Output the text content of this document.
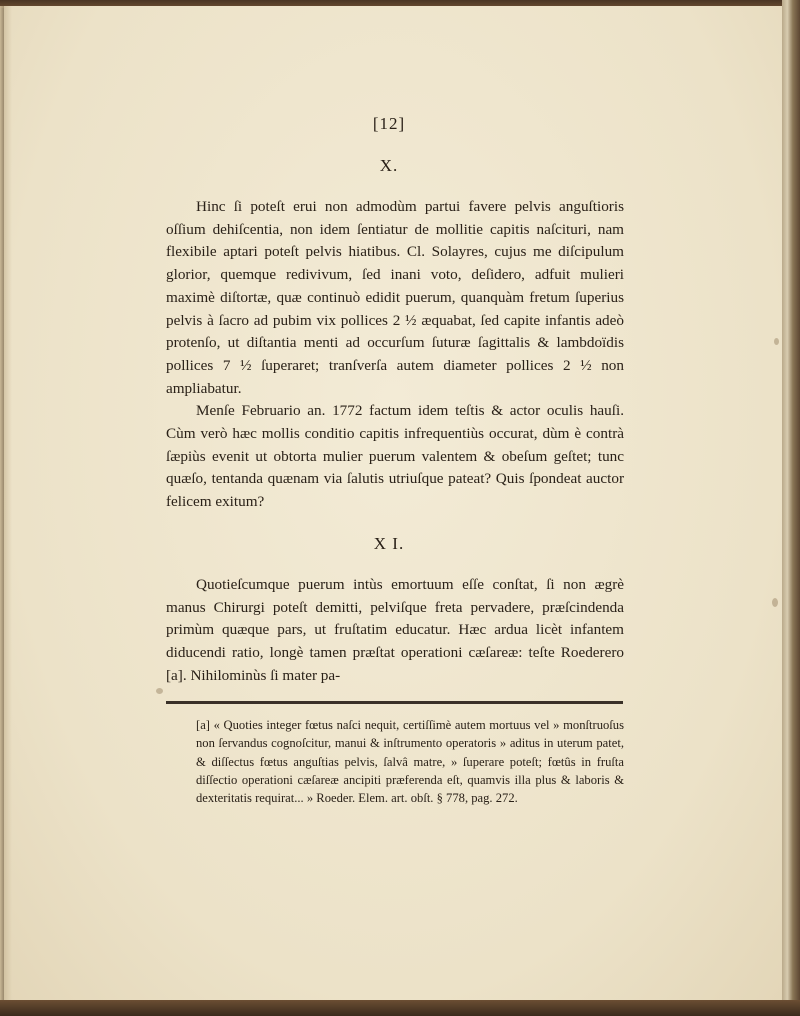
[12]
X.

Hinc ſi poteſt erui non admodùm partui favere pelvis anguſtioris oſſium dehiſcentia, non idem ſentiatur de mollitie capitis naſcituri, nam flexibile aptari poteſt pelvis hiatibus. Cl. Solayres, cujus me diſcipulum glorior, quemque redivivum, ſed inani voto, deſidero, adfuit mulieri maximè diſtortæ, quæ continuò edidit puerum, quanquàm fretum ſuperius pelvis à ſacro ad pubim vix pollices 2 ½ æquabat, ſed capite infantis adeò protenſo, ut diſtantia menti ad occurſum ſuturæ ſagittalis & lambdoïdis pollices 7 ½ ſuperaret; tranſverſa autem diameter pollices 2 ½ non ampliabatur.

Menſe Februario an. 1772 factum idem teſtis & actor oculis hauſi. Cùm verò hæc mollis conditio capitis infrequentiùs occurat, dùm è contrà ſæpiùs evenit ut obtorta mulier puerum valentem & obeſum geſtet; tunc quæſo, tentanda quænam via ſalutis utriuſque pateat? Quis ſpondeat auctor felicem exitum?

X I.

Quotieſcumque puerum intùs emortuum eſſe conſtat, ſi non ægrè manus Chirurgi poteſt demitti, pelviſque freta pervadere, præſcindenda primùm quæque pars, ut fruſtatim educatur. Hæc ardua licèt infantem diducendi ratio, longè tamen præſtat operationi cæſareæ: teſte Roederero [a]. Nihilominùs ſi mater pa-

[a] « Quoties integer fœtus naſci nequit, certiſſimè autem mortuus vel » monſtruoſus non ſervandus cognoſcitur, manui & inſtrumento operatoris » aditus in uterum patet, & diſſectus fœtus anguſtias pelvis, ſalvâ matre, » ſuperare poteſt; fœtûs in fruſta diſſectio operationi cæſareæ ancipiti præferenda eſt, quamvis illa plus & laboris & dexteritatis requirat... » Roeder. Elem. art. obſt. § 778, pag. 272.
